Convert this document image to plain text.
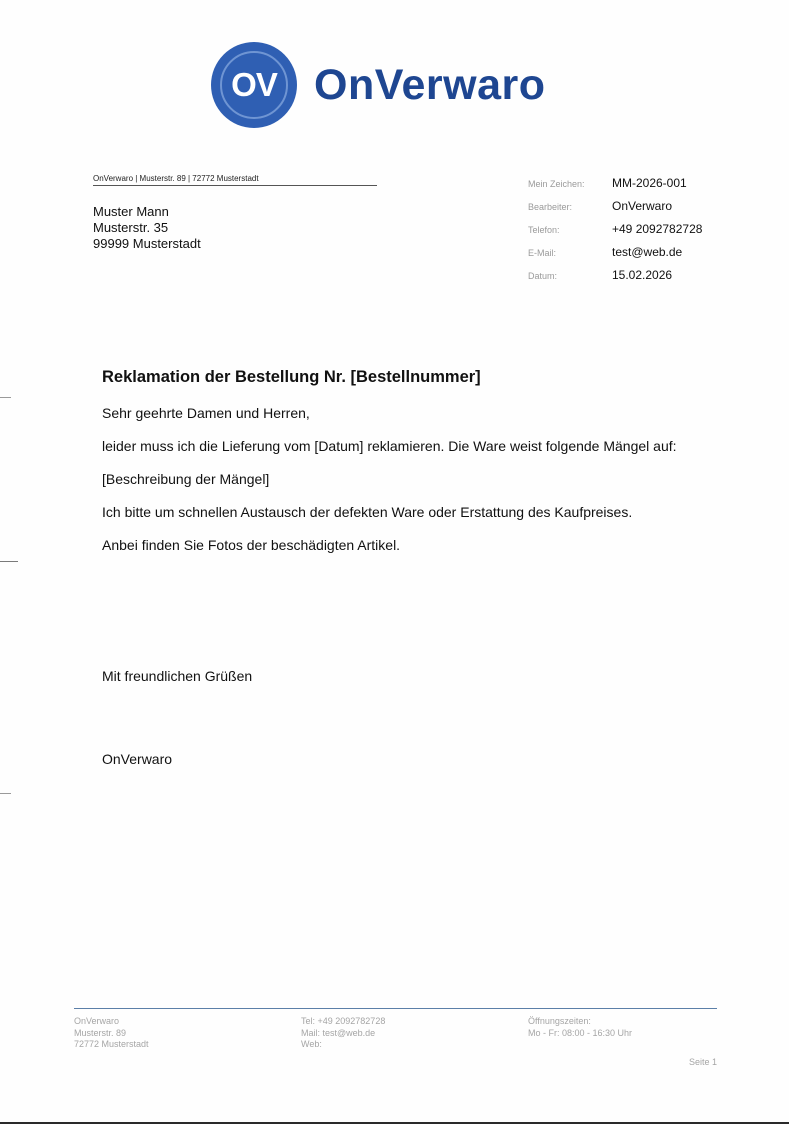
OV OnVerwaro
OnVerwaro | Musterstr. 89 | 72772 Musterstadt
Muster Mann
Musterstr. 35
99999 Musterstadt
Mein Zeichen:	MM-2026-001
Bearbeiter:	OnVerwaro
Telefon:	+49 2092782728
E-Mail:	test@web.de
Datum:	15.02.2026
Reklamation der Bestellung Nr. [Bestellnummer]

Sehr geehrte Damen und Herren,

leider muss ich die Lieferung vom [Datum] reklamieren. Die Ware weist folgende Mängel auf:

[Beschreibung der Mängel]

Ich bitte um schnellen Austausch der defekten Ware oder Erstattung des Kaufpreises.

Anbei finden Sie Fotos der beschädigten Artikel.

Mit freundlichen Grüßen
OnVerwaro
OnVerwaro
Musterstr. 89
72772 Musterstadt
Tel: +49 2092782728
Mail: test@web.de
Web:
Öffnungszeiten:
Mo - Fr: 08:00 - 16:30 Uhr
Seite 1
